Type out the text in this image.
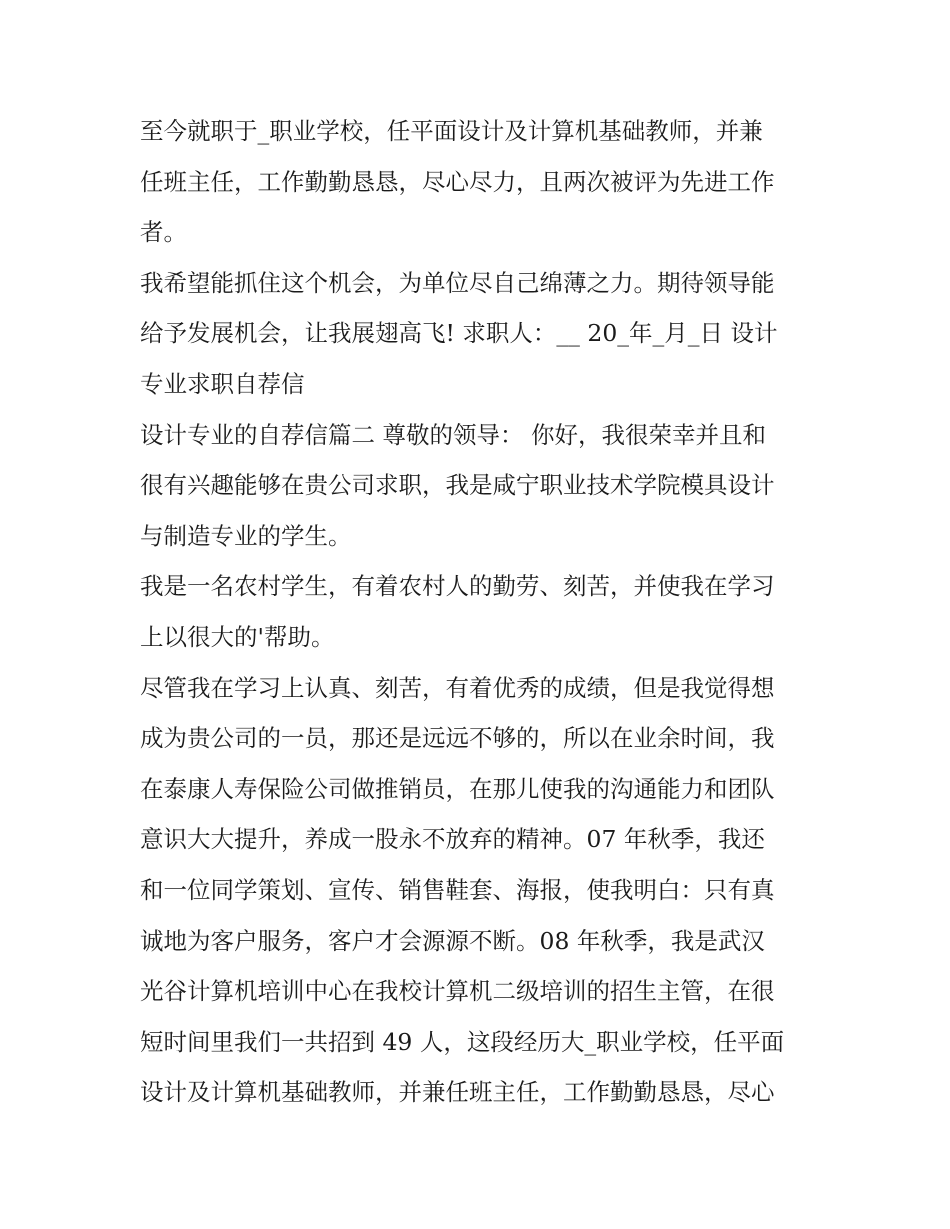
至今就职于_职业学校，任平面设计及计算机基础教师，并兼
任班主任，工作勤勤恳恳，尽心尽力，且两次被评为先进工作
者。
我希望能抓住这个机会，为单位尽自己绵薄之力。期待领导能
给予发展机会，让我展翅高飞! 求职人：__ 20_年_月_日 设计
专业求职自荐信
设计专业的自荐信篇二 尊敬的领导： 你好，我很荣幸并且和
很有兴趣能够在贵公司求职，我是咸宁职业技术学院模具设计
与制造专业的学生。
我是一名农村学生，有着农村人的勤劳、刻苦，并使我在学习
上以很大的'帮助。
尽管我在学习上认真、刻苦，有着优秀的成绩，但是我觉得想
成为贵公司的一员，那还是远远不够的，所以在业余时间，我
在泰康人寿保险公司做推销员，在那儿使我的沟通能力和团队
意识大大提升，养成一股永不放弃的精神。07 年秋季，我还
和一位同学策划、宣传、销售鞋套、海报，使我明白：只有真
诚地为客户服务，客户才会源源不断。08 年秋季，我是武汉
光谷计算机培训中心在我校计算机二级培训的招生主管，在很
短时间里我们一共招到 49 人，这段经历大_职业学校，任平面
设计及计算机基础教师，并兼任班主任，工作勤勤恳恳，尽心
